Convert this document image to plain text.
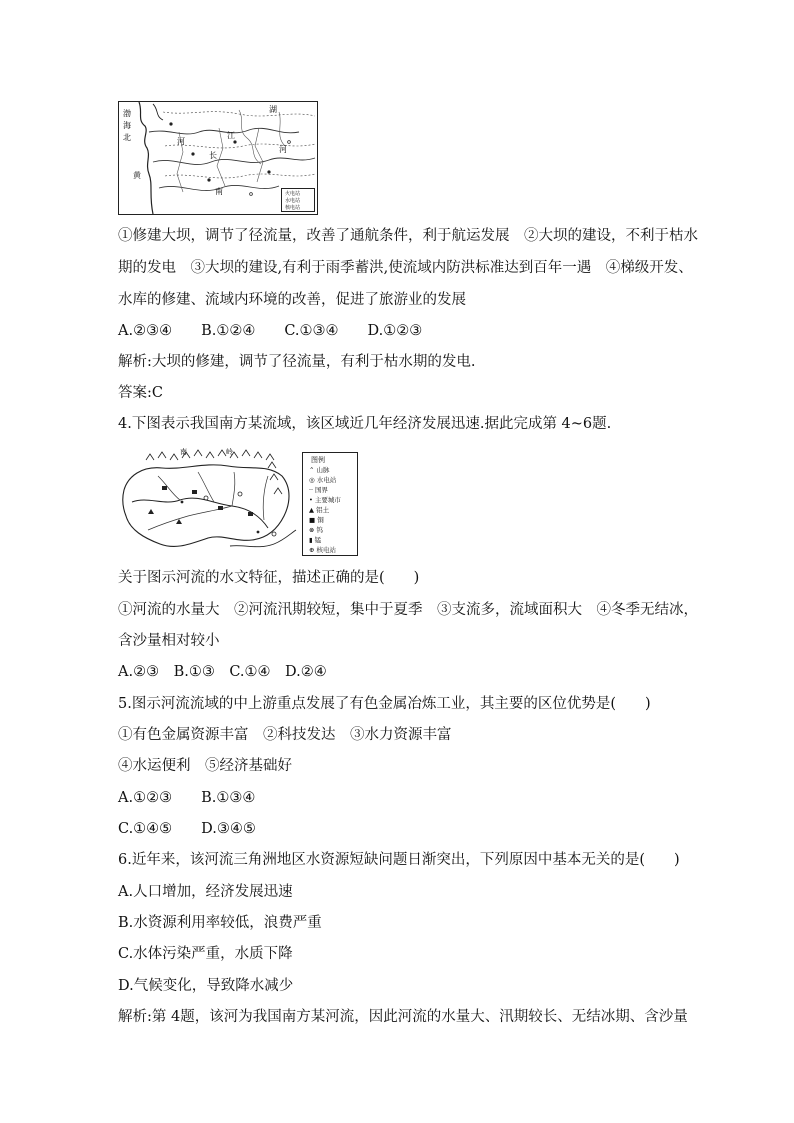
渤
海
北
黄
河
长
江
湖
河
南	火电站
水电站
核电站
①修建大坝，调节了径流量，改善了通航条件，利于航运发展　②大坝的建设，不利于枯水
期的发电　③大坝的建设,有利于雨季蓄洪,使流域内防洪标准达到百年一遇　④梯级开发、
水库的修建、流域内环境的改善，促进了旅游业的发展
A.②③④　　B.①②④　　C.①③④　　D.①②③
解析:大坝的修建，调节了径流量，有利于枯水期的发电.
答案:C
4.下图表示我国南方某流域，该区域近几年经济发展迅速.据此完成第 4~6题.
南	岭
图例
⌃ 山脉
◎ 水电站
┈ 国界
• 主要城市
▲ 铝土
■ 铜
⊗ 钨
▮ 锰
⊕ 核电站
关于图示河流的水文特征，描述正确的是(　　)
①河流的水量大　②河流汛期较短，集中于夏季　③支流多，流域面积大　④冬季无结冰，
含沙量相对较小
A.②③　B.①③　C.①④　D.②④
5.图示河流流域的中上游重点发展了有色金属冶炼工业，其主要的区位优势是(　　)
①有色金属资源丰富　②科技发达　③水力资源丰富
④水运便利　⑤经济基础好
A.①②③　　B.①③④
C.①④⑤　　D.③④⑤
6.近年来，该河流三角洲地区水资源短缺问题日渐突出，下列原因中基本无关的是(　　)
A.人口增加，经济发展迅速
B.水资源利用率较低，浪费严重
C.水体污染严重，水质下降
D.气候变化，导致降水减少
解析:第 4题，该河为我国南方某河流，因此河流的水量大、汛期较长、无结冰期、含沙量
